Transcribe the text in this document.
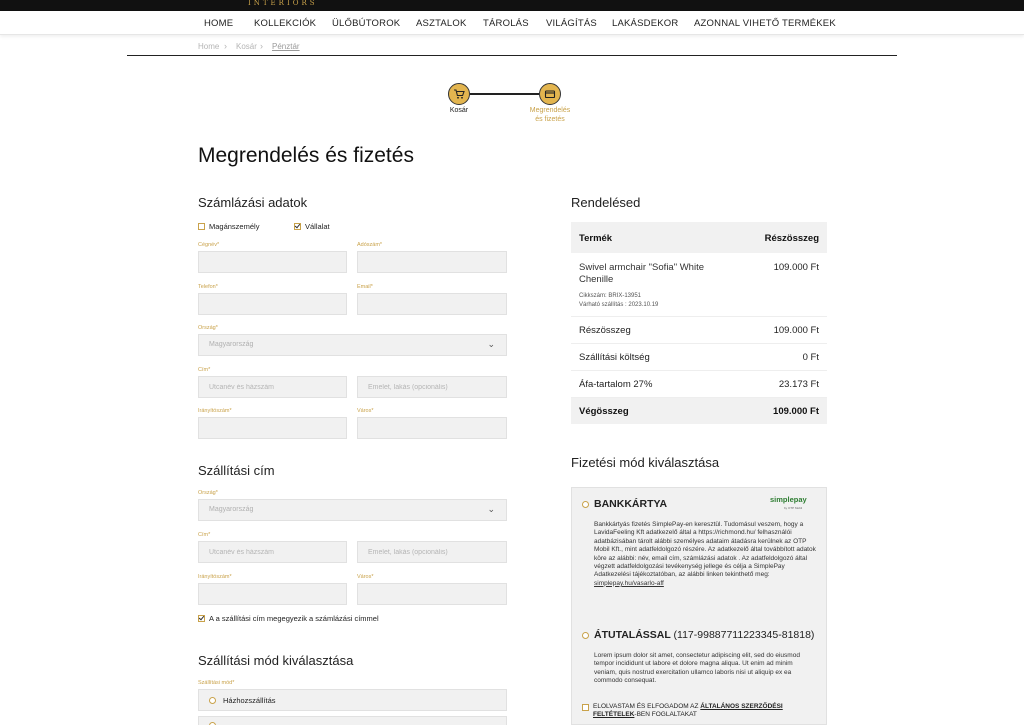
INTERIORS
HOME KOLLEKCIÓK ÜLŐBÚTOROK ASZTALOK TÁROLÁS VILÁGÍTÁS LAKÁSDEKOR AZONNAL VIHETŐ TERMÉKEK
Home › Kosár › Pénztár
Kosár	Megrendelés
és fizetés
Megrendelés és fizetés
Számlázási adatok
Magánszemély	Vállalat
Cégnév*	Adószám*
Telefon*	Email*
Ország*
Magyarország	⌄
Cím*
Utcanév és házszám
Emelet, lakás (opcionális)
Irányítószám*	Város*
Szállítási cím
Ország*
Magyarország	⌄
Cím*
Utcanév és házszám
Emelet, lakás (opcionális)
Irányítószám*	Város*
A a szállítási cím megegyezik a számlázási címmel
Szállítási mód kiválasztása
Szállítási mód*
Házhozszállítás
Rendelésed
Termék	Részösszeg
Swivel armchair "Sofia" White Chenille
109.000 Ft
Cikkszám: BRIX-13951
Várható szállítás : 2023.10.19
Részösszeg	109.000 Ft
Szállítási költség	0 Ft
Áfa-tartalom 27%	23.173 Ft
Végösszeg	109.000 Ft
Fizetési mód kiválasztása
BANKKÁRTYA	simplepay
by OTP Mobil
Bankkártyás fizetés SimplePay-en keresztül. Tudomásul veszem, hogy a LavidaFeeling Kft adatkezelő által a https://richmond.hu/ felhasználói adatbázisában tárolt alábbi személyes adataim átadásra kerülnek az OTP Mobil Kft., mint adatfeldolgozó részére. Az adatkezelő által továbbított adatok köre az alábbi: név, email cím, számlázási adatok . Az adatfeldolgozó által végzett adatfeldolgozási tevékenység jellege és célja a SimplePay Adatkezelési tájékoztatóban, az alábbi linken tekinthető meg: simplepay.hu/vasarlo-aff
ÁTUTALÁSSAL (117-99887711223345-81818)
Lorem ipsum dolor sit amet, consectetur adipiscing elit, sed do eiusmod tempor incididunt ut labore et dolore magna aliqua. Ut enim ad minim veniam, quis nostrud exercitation ullamco laboris nisi ut aliquip ex ea commodo consequat.
ELOLVASTAM ÉS ELFOGADOM AZ ÁLTALÁNOS SZERZŐDÉSI FELTÉTELEK-BEN FOGLALTAKAT
